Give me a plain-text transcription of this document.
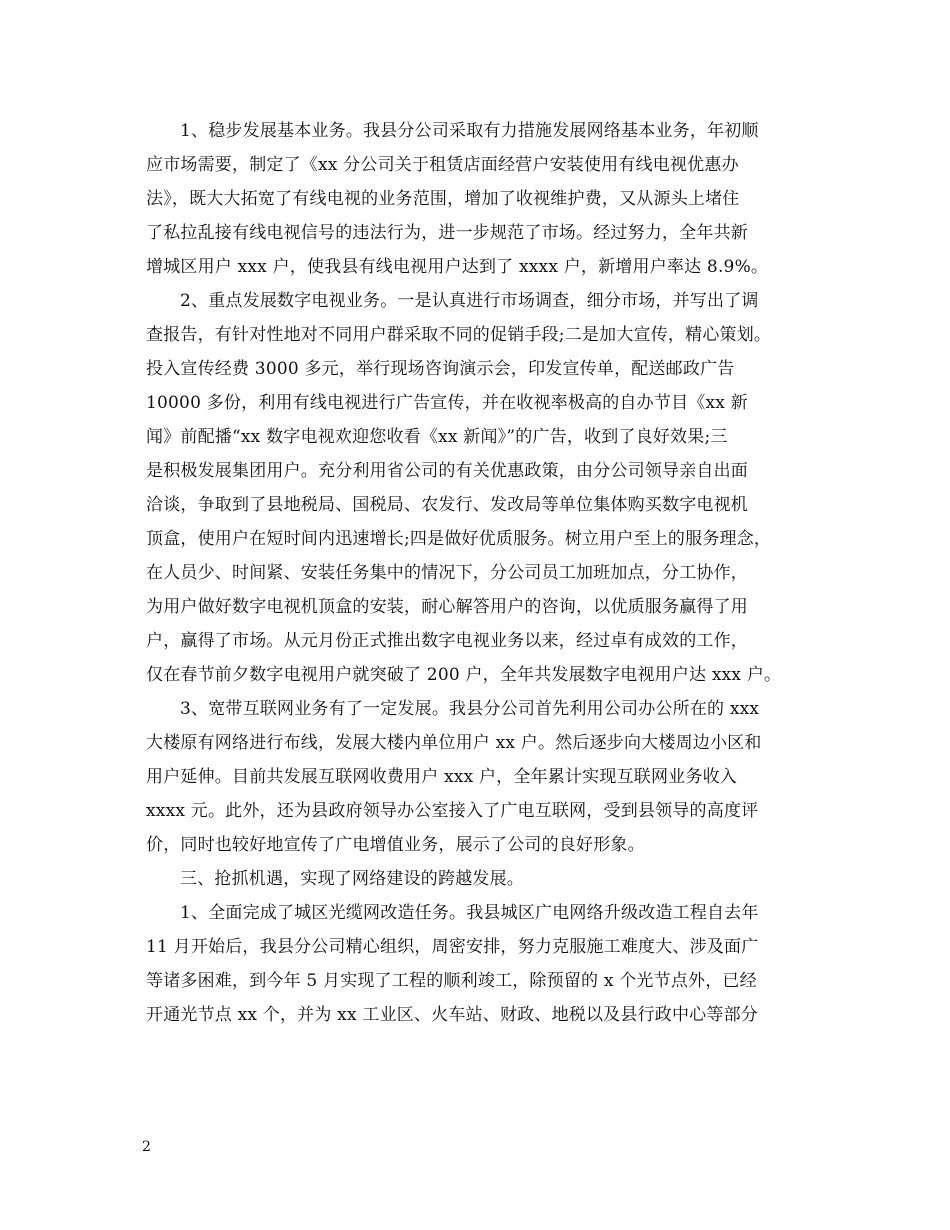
1、稳步发展基本业务。我县分公司采取有力措施发展网络基本业务，年初顺
应市场需要，制定了《xx 分公司关于租赁店面经营户安装使用有线电视优惠办
法》，既大大拓宽了有线电视的业务范围，增加了收视维护费，又从源头上堵住
了私拉乱接有线电视信号的违法行为，进一步规范了市场。经过努力，全年共新
增城区用户 xxx 户，使我县有线电视用户达到了 xxxx 户，新增用户率达 8.9%。
2、重点发展数字电视业务。一是认真进行市场调查，细分市场，并写出了调
查报告，有针对性地对不同用户群采取不同的促销手段;二是加大宣传，精心策划。
投入宣传经费 3000 多元，举行现场咨询演示会，印发宣传单，配送邮政广告
10000 多份，利用有线电视进行广告宣传，并在收视率极高的自办节目《xx 新
闻》前配播“xx 数字电视欢迎您收看《xx 新闻》”的广告，收到了良好效果;三
是积极发展集团用户。充分利用省公司的有关优惠政策，由分公司领导亲自出面
洽谈，争取到了县地税局、国税局、农发行、发改局等单位集体购买数字电视机
顶盒，使用户在短时间内迅速增长;四是做好优质服务。树立用户至上的服务理念，
在人员少、时间紧、安装任务集中的情况下，分公司员工加班加点，分工协作，
为用户做好数字电视机顶盒的安装，耐心解答用户的咨询，以优质服务赢得了用
户，赢得了市场。从元月份正式推出数字电视业务以来，经过卓有成效的工作，
仅在春节前夕数字电视用户就突破了 200 户，全年共发展数字电视用户达 xxx 户。
3、宽带互联网业务有了一定发展。我县分公司首先利用公司办公所在的 xxx
大楼原有网络进行布线，发展大楼内单位用户 xx 户。然后逐步向大楼周边小区和
用户延伸。目前共发展互联网收费用户 xxx 户，全年累计实现互联网业务收入
xxxx 元。此外，还为县政府领导办公室接入了广电互联网，受到县领导的高度评
价，同时也较好地宣传了广电增值业务，展示了公司的良好形象。
三、抢抓机遇，实现了网络建设的跨越发展。
1、全面完成了城区光缆网改造任务。我县城区广电网络升级改造工程自去年
11 月开始后，我县分公司精心组织，周密安排，努力克服施工难度大、涉及面广
等诸多困难，到今年 5 月实现了工程的顺利竣工，除预留的 x 个光节点外，已经
开通光节点 xx 个，并为 xx 工业区、火车站、财政、地税以及县行政中心等部分
2
